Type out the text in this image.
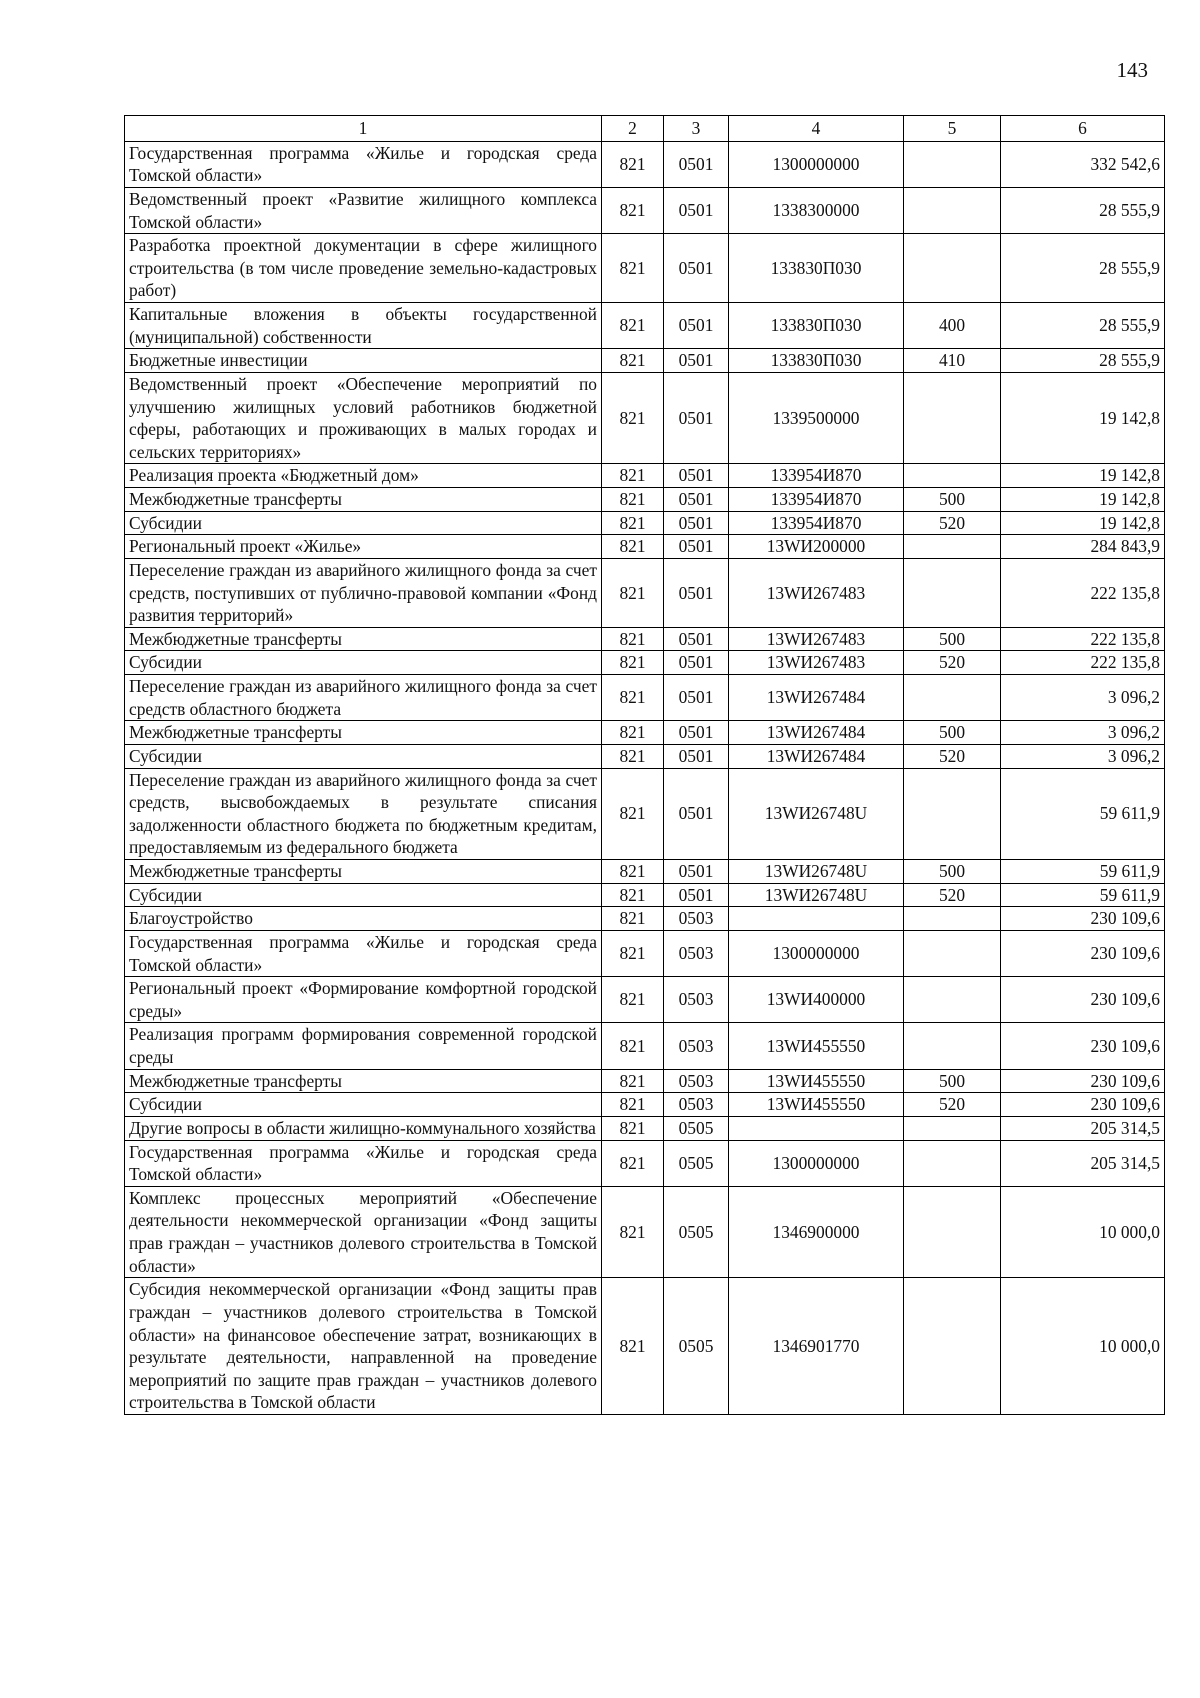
143
1	2	3	4	5	6
Государственная программа «Жилье и городская среда Томской области»	821	0501	1300000000		332 542,6
Ведомственный проект «Развитие жилищного комплекса Томской области»	821	0501	1338300000		28 555,9
Разработка проектной документации в сфере жилищного строительства (в том числе проведение земельно-кадастровых работ)	821	0501	133830П030		28 555,9
Капитальные вложения в объекты государственной (муниципальной) собственности	821	0501	133830П030	400	28 555,9
Бюджетные инвестиции	821	0501	133830П030	410	28 555,9
Ведомственный проект «Обеспечение мероприятий по улучшению жилищных условий работников бюджетной сферы, работающих и проживающих в малых городах и сельских территориях»	821	0501	1339500000		19 142,8
Реализация проекта «Бюджетный дом»	821	0501	133954И870		19 142,8
Межбюджетные трансферты	821	0501	133954И870	500	19 142,8
Субсидии	821	0501	133954И870	520	19 142,8
Региональный проект «Жилье»	821	0501	13WИ200000		284 843,9
Переселение граждан из аварийного жилищного фонда за счет средств, поступивших от публично-правовой компании «Фонд развития территорий»	821	0501	13WИ267483		222 135,8
Межбюджетные трансферты	821	0501	13WИ267483	500	222 135,8
Субсидии	821	0501	13WИ267483	520	222 135,8
Переселение граждан из аварийного жилищного фонда за счет средств областного бюджета	821	0501	13WИ267484		3 096,2
Межбюджетные трансферты	821	0501	13WИ267484	500	3 096,2
Субсидии	821	0501	13WИ267484	520	3 096,2
Переселение граждан из аварийного жилищного фонда за счет средств, высвобождаемых в результате списания задолженности областного бюджета по бюджетным кредитам, предоставляемым из федерального бюджета	821	0501	13WИ26748U		59 611,9
Межбюджетные трансферты	821	0501	13WИ26748U	500	59 611,9
Субсидии	821	0501	13WИ26748U	520	59 611,9
Благоустройство	821	0503			230 109,6
Государственная программа «Жилье и городская среда Томской области»	821	0503	1300000000		230 109,6
Региональный проект «Формирование комфортной городской среды»	821	0503	13WИ400000		230 109,6
Реализация программ формирования современной городской среды	821	0503	13WИ455550		230 109,6
Межбюджетные трансферты	821	0503	13WИ455550	500	230 109,6
Субсидии	821	0503	13WИ455550	520	230 109,6
Другие вопросы в области жилищно-коммунального хозяйства	821	0505			205 314,5
Государственная программа «Жилье и городская среда Томской области»	821	0505	1300000000		205 314,5
Комплекс процессных мероприятий «Обеспечение деятельности некоммерческой организации «Фонд защиты прав граждан – участников долевого строительства в Томской области»	821	0505	1346900000		10 000,0
Субсидия некоммерческой организации «Фонд защиты прав граждан – участников долевого строительства в Томской области» на финансовое обеспечение затрат, возникающих в результате деятельности, направленной на проведение мероприятий по защите прав граждан – участников долевого строительства в Томской области	821	0505	1346901770		10 000,0
